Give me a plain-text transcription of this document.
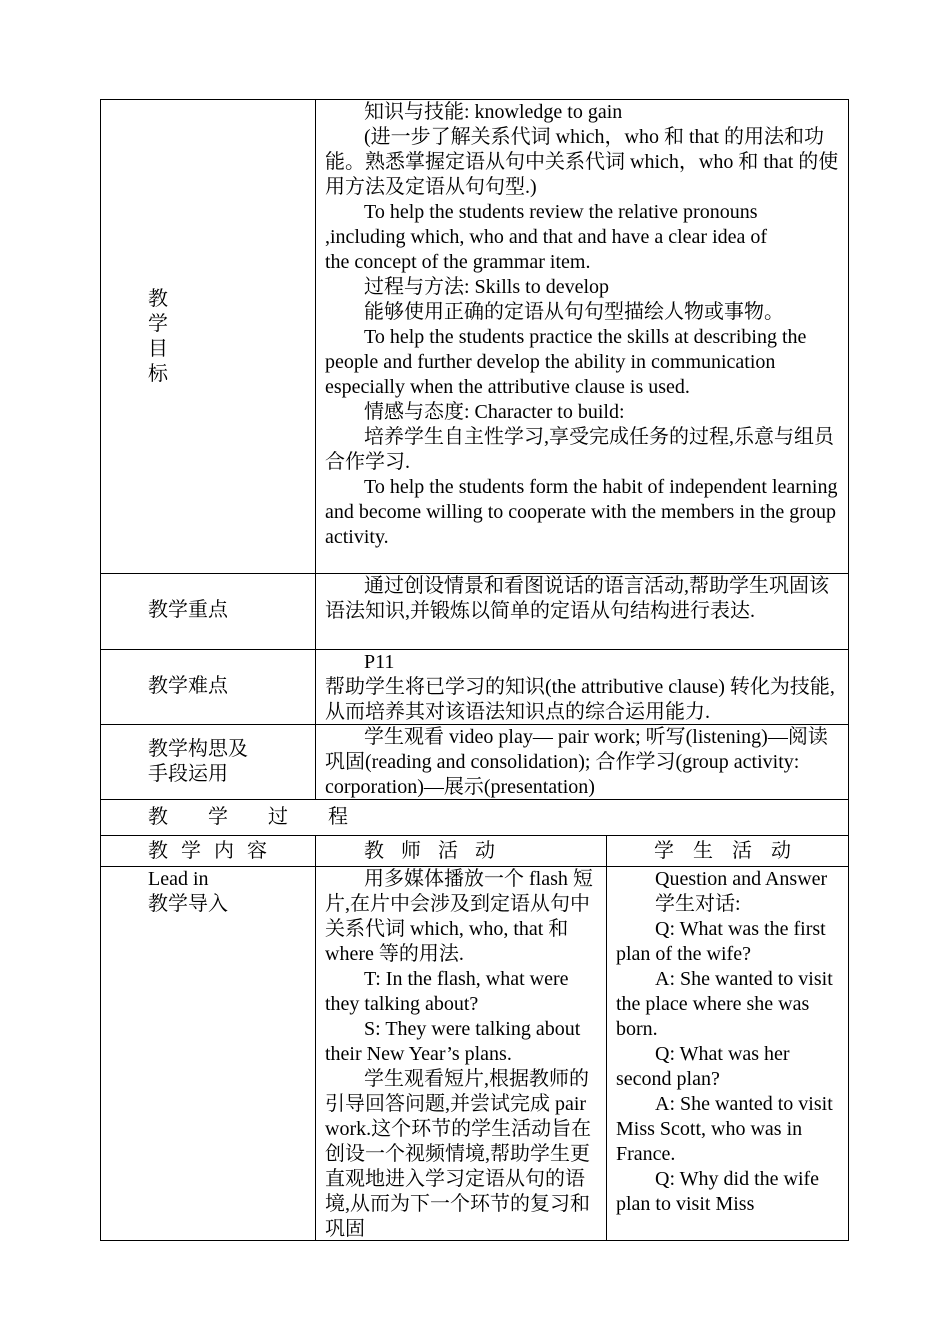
教
学
目
标

知识与技能: knowledge to gain

(进一步了解关系代词 which，who 和 that 的用法和功能。熟悉掌握定语从句中关系代词 which，who 和 that 的使用方法及定语从句句型.)

To help the students review the relative pronouns ,including which, who and that and have a clear idea of the concept of the grammar item.

过程与方法: Skills to develop

能够使用正确的定语从句句型描绘人物或事物。

To help the students practice the skills at describing the people and further develop the ability in communication especially when the attributive clause is used.

情感与态度: Character to build:

培养学生自主性学习,享受完成任务的过程,乐意与组员合作学习.

To help the students form the habit of independent learning and become willing to cooperate with the members in the group activity.

教学重点

通过创设情景和看图说话的语言活动,帮助学生巩固该语法知识,并锻炼以简单的定语从句结构进行表达.

教学难点

P11

帮助学生将已学习的知识(the attributive clause) 转化为技能,从而培养其对该语法知识点的综合运用能力.

教学构思及

手段运用

学生观看 video play— pair work; 听写(listening)—阅读巩固(reading and consolidation); 合作学习(group activity: corporation)—展示(presentation)

教　　学　　过　　程
教 学 内 容	教 师 活 动	学 生 活 动

Lead in

教学导入

用多媒体播放一个 flash 短片,在片中会涉及到定语从句中关系代词 which, who, that 和 where 等的用法.

T: In the flash, what were they talking about?

S: They were talking about their New Year’s plans.

学生观看短片,根据教师的引导回答问题,并尝试完成 pair work.这个环节的学生活动旨在创设一个视频情境,帮助学生更直观地进入学习定语从句的语境,从而为下一个环节的复习和巩固

Question and Answer

学生对话:

Q: What was the first plan of the wife?

A: She wanted to visit the place where she was born.

Q: What was her second plan?

A: She wanted to visit Miss Scott, who was in France.

Q: Why did the wife plan to visit Miss
